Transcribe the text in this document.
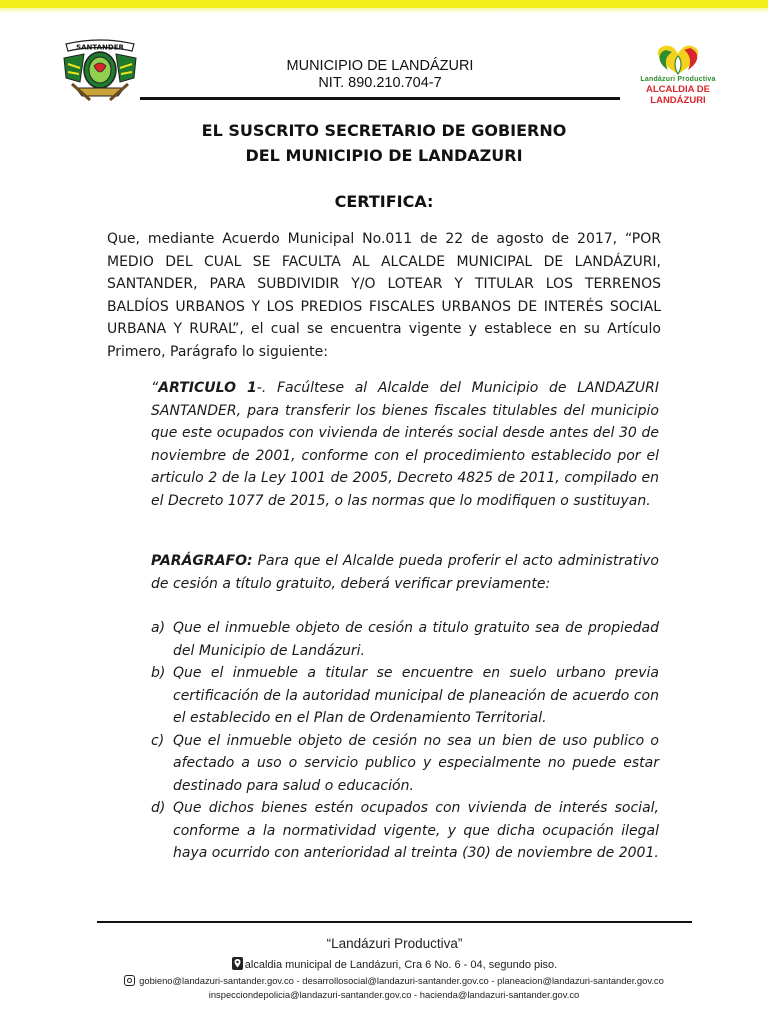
SANTANDER
MUNICIPIO DE LANDÁZURI
NIT. 890.210.704-7	Landázuri Productiva
ALCALDIA DE LANDÁZURI
EL SUSCRITO SECRETARIO DE GOBIERNO
DEL MUNICIPIO DE LANDAZURI
CERTIFICA:
Que, mediante Acuerdo Municipal No.011 de 22 de agosto de 2017, “POR MEDIO DEL CUAL SE FACULTA AL ALCALDE MUNICIPAL DE LANDÁZURI, SANTANDER, PARA SUBDIVIDIR Y/O LOTEAR Y TITULAR LOS TERRENOS BALDÍOS URBANOS Y LOS PREDIOS FISCALES URBANOS DE INTERÉS SOCIAL URBANA Y RURAL”, el cual se encuentra vigente y establece en su Artículo Primero, Parágrafo lo siguiente:
“ARTICULO 1-. Facúltese al Alcalde del Municipio de LANDAZURI SANTANDER, para transferir los bienes fiscales titulables del municipio que este ocupados con vivienda de interés social desde antes del 30 de noviembre de 2001, conforme con el procedimiento establecido por el articulo 2 de la Ley 1001 de 2005, Decreto 4825 de 2011, compilado en el Decreto 1077 de 2015, o las normas que lo modifiquen o sustituyan.
PARÁGRAFO: Para que el Alcalde pueda proferir el acto administrativo de cesión a título gratuito, deberá verificar previamente:
a) Que el inmueble objeto de cesión a titulo gratuito sea de propiedad del Municipio de Landázuri.
b) Que el inmueble a titular se encuentre en suelo urbano previa certificación de la autoridad municipal de planeación de acuerdo con el establecido en el Plan de Ordenamiento Territorial.
c) Que el inmueble objeto de cesión no sea un bien de uso publico o afectado a uso o servicio publico y especialmente no puede estar destinado para salud o educación.
d) Que dichos bienes estén ocupados con vivienda de interés social, conforme a la normatividad vigente, y que dicha ocupación ilegal haya ocurrido con anterioridad al treinta (30) de noviembre de 2001.
“Landázuri Productiva”
alcaldia municipal de Landázuri, Cra 6 No. 6 - 04, segundo piso.
gobieno@landazuri-santander.gov.co - desarrollosocial@landazuri-santander.gov.co - planeacion@landazuri-santander.gov.co
inspecciondepolicia@landazuri-santander.gov.co - hacienda@landazuri-santander.gov.co
